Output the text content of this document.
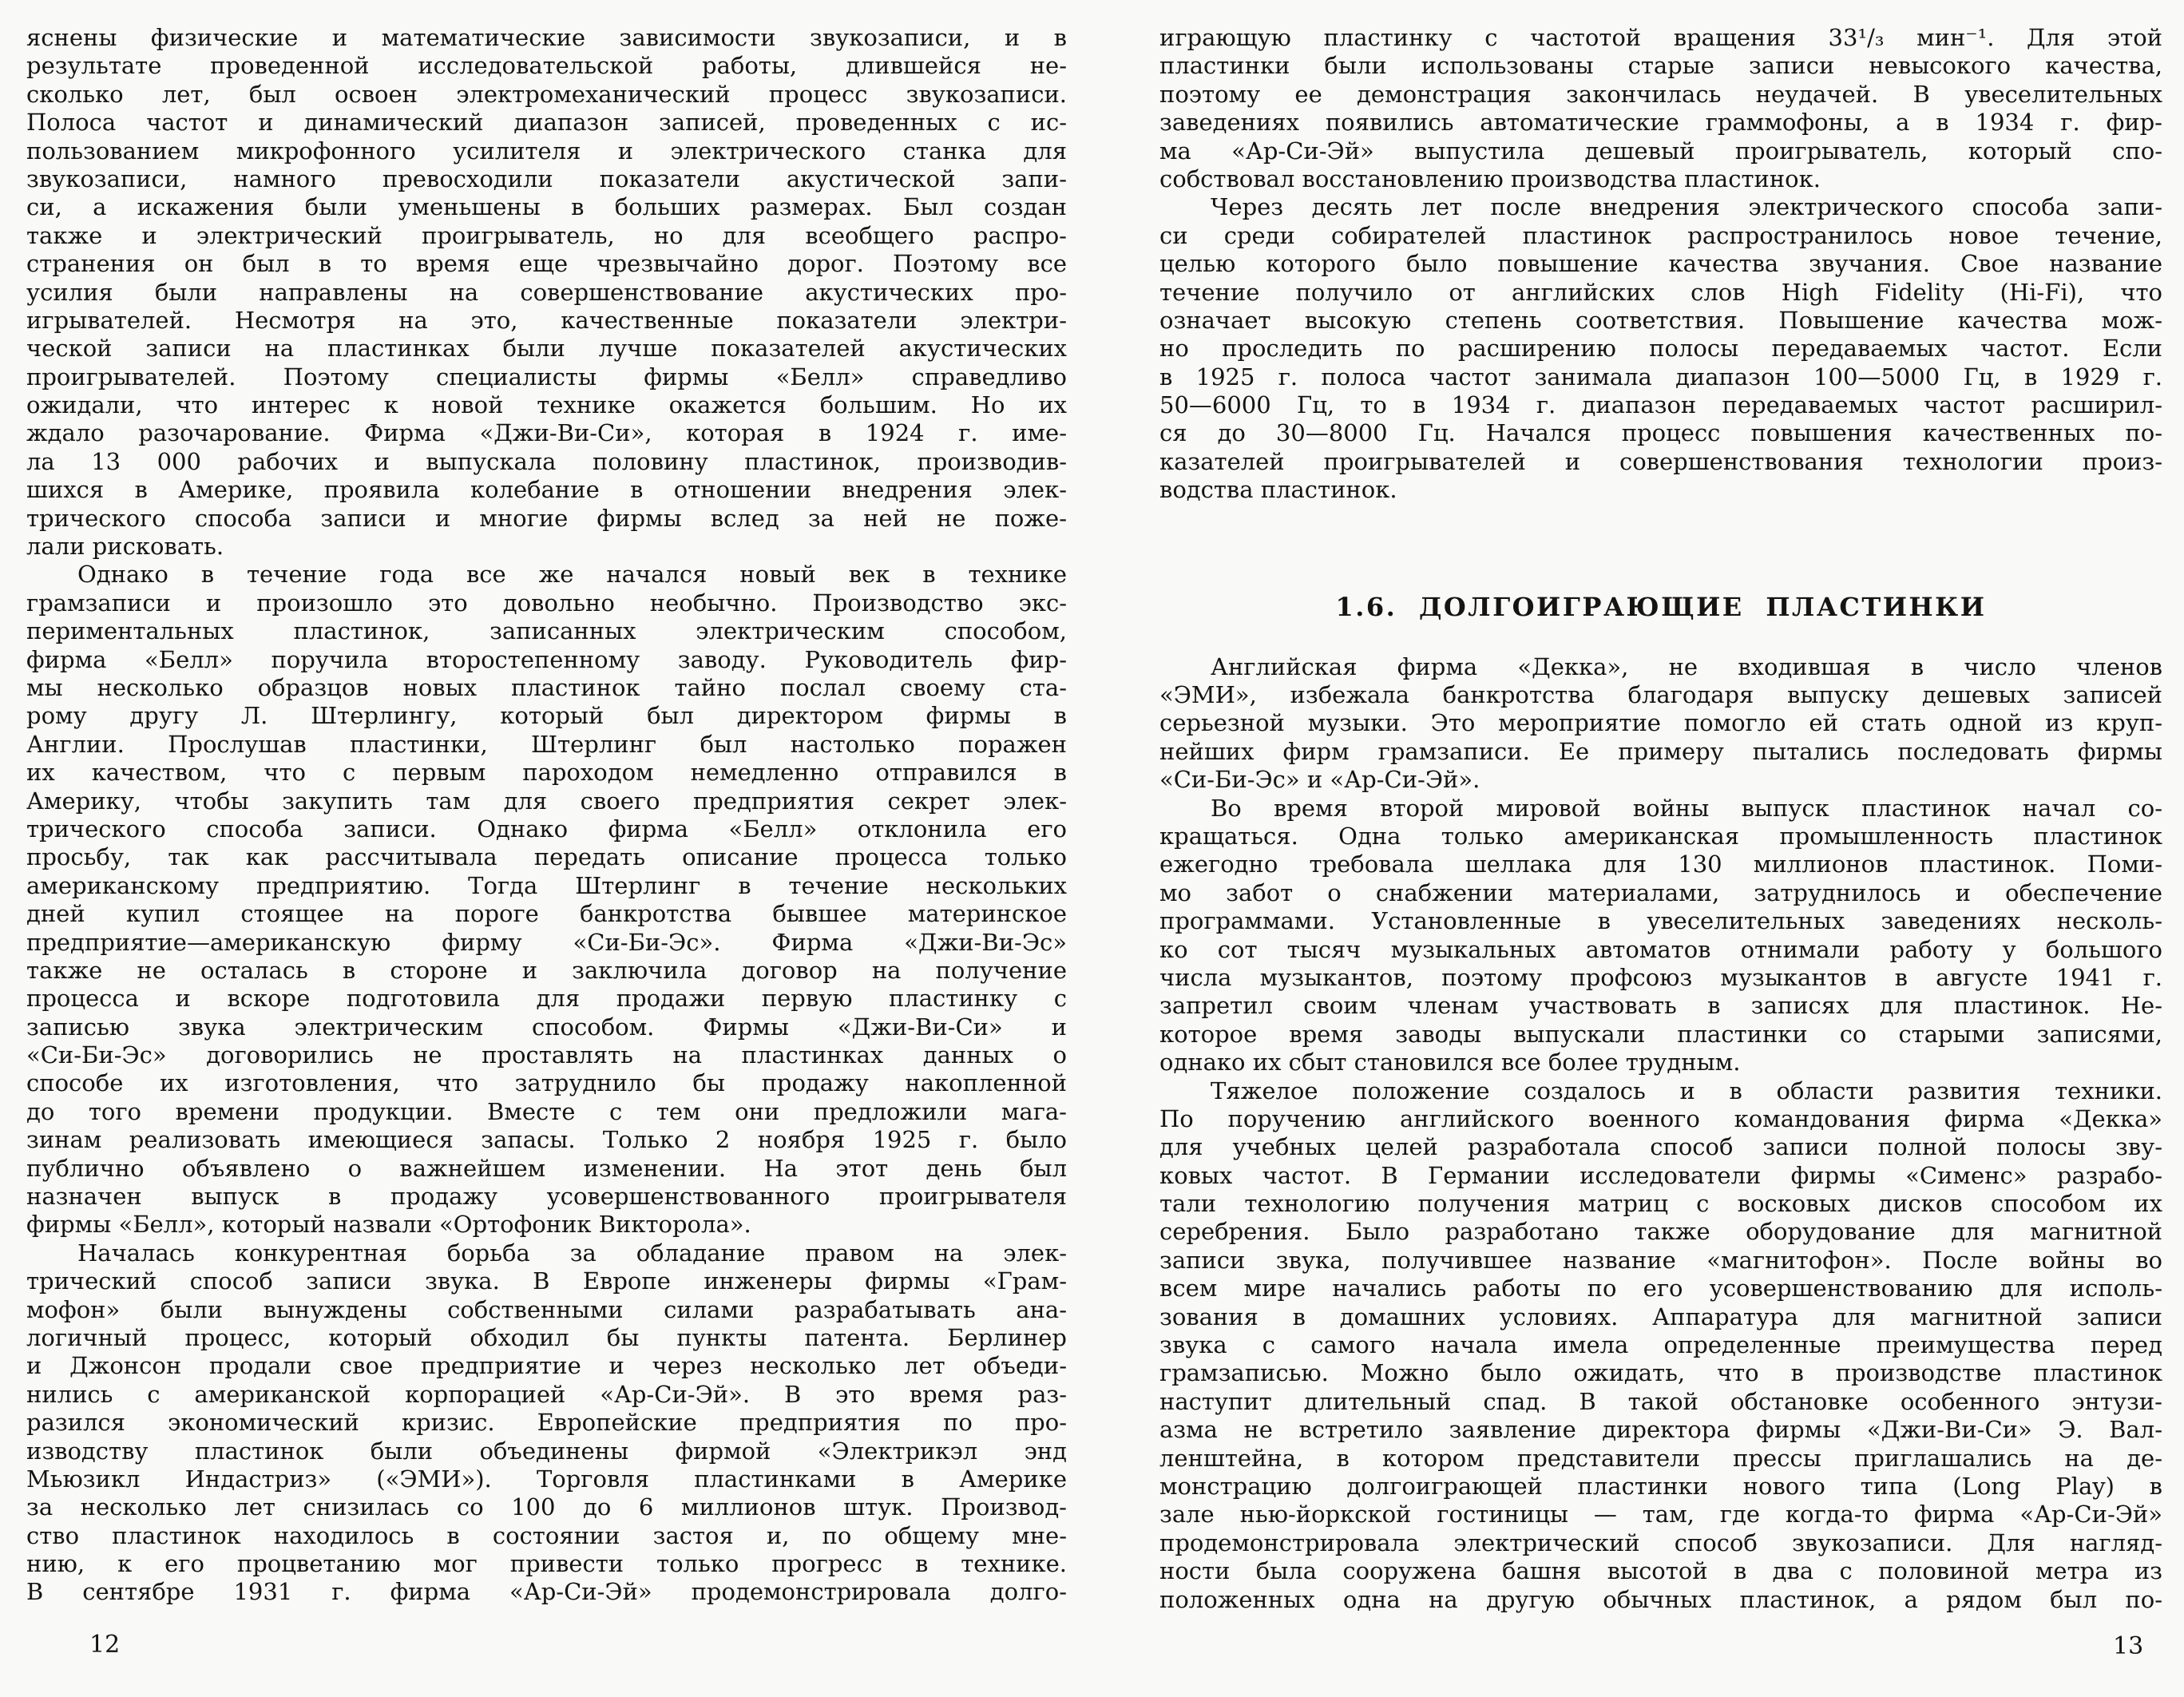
яснены физические и математические зависимости звукозаписи, и в
результате проведенной исследовательской работы, длившейся не-
сколько лет, был освоен электромеханический процесс звукозаписи.
Полоса частот и динамический диапазон записей, проведенных с ис-
пользованием микрофонного усилителя и электрического станка для
звукозаписи, намного превосходили показатели акустической запи-
си, а искажения были уменьшены в больших размерах. Был создан
также и электрический проигрыватель, но для всеобщего распро-
странения он был в то время еще чрезвычайно дорог. Поэтому все
усилия были направлены на совершенствование акустических про-
игрывателей. Несмотря на это, качественные показатели электри-
ческой записи на пластинках были лучше показателей акустических
проигрывателей. Поэтому специалисты фирмы «Белл» справедливо
ожидали, что интерес к новой технике окажется большим. Но их
ждало разочарование. Фирма «Джи-Ви-Си», которая в 1924 г. име-
ла 13 000 рабочих и выпускала половину пластинок, производив-
шихся в Америке, проявила колебание в отношении внедрения элек-
трического способа записи и многие фирмы вслед за ней не поже-
лали рисковать.
Однако в течение года все же начался новый век в технике
грамзаписи и произошло это довольно необычно. Производство экс-
периментальных пластинок, записанных электрическим способом,
фирма «Белл» поручила второстепенному заводу. Руководитель фир-
мы несколько образцов новых пластинок тайно послал своему ста-
рому другу Л. Штерлингу, который был директором фирмы в
Англии. Прослушав пластинки, Штерлинг был настолько поражен
их качеством, что с первым пароходом немедленно отправился в
Америку, чтобы закупить там для своего предприятия секрет элек-
трического способа записи. Однако фирма «Белл» отклонила его
просьбу, так как рассчитывала передать описание процесса только
американскому предприятию. Тогда Штерлинг в течение нескольких
дней купил стоящее на пороге банкротства бывшее материнское
предприятие—американскую фирму «Си-Би-Эс». Фирма «Джи-Ви-Эс»
также не осталась в стороне и заключила договор на получение
процесса и вскоре подготовила для продажи первую пластинку с
записью звука электрическим способом. Фирмы «Джи-Ви-Си» и
«Си-Би-Эс» договорились не проставлять на пластинках данных о
способе их изготовления, что затруднило бы продажу накопленной
до того времени продукции. Вместе с тем они предложили мага-
зинам реализовать имеющиеся запасы. Только 2 ноября 1925 г. было
публично объявлено о важнейшем изменении. На этот день был
назначен выпуск в продажу усовершенствованного проигрывателя
фирмы «Белл», который назвали «Ортофоник Викторола».
Началась конкурентная борьба за обладание правом на элек-
трический способ записи звука. В Европе инженеры фирмы «Грам-
мофон» были вынуждены собственными силами разрабатывать ана-
логичный процесс, который обходил бы пункты патента. Берлинер
и Джонсон продали свое предприятие и через несколько лет объеди-
нились с американской корпорацией «Ар-Си-Эй». В это время раз-
разился экономический кризис. Европейские предприятия по про-
изводству пластинок были объединены фирмой «Электрикэл энд
Мьюзикл Индастриз» («ЭМИ»). Торговля пластинками в Америке
за несколько лет снизилась со 100 до 6 миллионов штук. Производ-
ство пластинок находилось в состоянии застоя и, по общему мне-
нию, к его процветанию мог привести только прогресс в технике.
В сентябре 1931 г. фирма «Ар-Си-Эй» продемонстрировала долго-
12
играющую пластинку с частотой вращения 33¹/₃ мин⁻¹. Для этой
пластинки были использованы старые записи невысокого качества,
поэтому ее демонстрация закончилась неудачей. В увеселительных
заведениях появились автоматические граммофоны, а в 1934 г. фир-
ма «Ар-Си-Эй» выпустила дешевый проигрыватель, который спо-
собствовал восстановлению производства пластинок.
Через десять лет после внедрения электрического способа запи-
си среди собирателей пластинок распространилось новое течение,
целью которого было повышение качества звучания. Свое название
течение получило от английских слов High Fidelity (Hi-Fi), что
означает высокую степень соответствия. Повышение качества мож-
но проследить по расширению полосы передаваемых частот. Если
в 1925 г. полоса частот занимала диапазон 100—5000 Гц, в 1929 г.
50—6000 Гц, то в 1934 г. диапазон передаваемых частот расширил-
ся до 30—8000 Гц. Начался процесс повышения качественных по-
казателей проигрывателей и совершенствования технологии произ-
водства пластинок.
1.6. ДОЛГОИГРАЮЩИЕ ПЛАСТИНКИ
Английская фирма «Декка», не входившая в число членов
«ЭМИ», избежала банкротства благодаря выпуску дешевых записей
серьезной музыки. Это мероприятие помогло ей стать одной из круп-
нейших фирм грамзаписи. Ее примеру пытались последовать фирмы
«Си-Би-Эс» и «Ар-Си-Эй».
Во время второй мировой войны выпуск пластинок начал со-
кращаться. Одна только американская промышленность пластинок
ежегодно требовала шеллака для 130 миллионов пластинок. Поми-
мо забот о снабжении материалами, затруднилось и обеспечение
программами. Установленные в увеселительных заведениях несколь-
ко сот тысяч музыкальных автоматов отнимали работу у большого
числа музыкантов, поэтому профсоюз музыкантов в августе 1941 г.
запретил своим членам участвовать в записях для пластинок. Не-
которое время заводы выпускали пластинки со старыми записями,
однако их сбыт становился все более трудным.
Тяжелое положение создалось и в области развития техники.
По поручению английского военного командования фирма «Декка»
для учебных целей разработала способ записи полной полосы зву-
ковых частот. В Германии исследователи фирмы «Сименс» разрабо-
тали технологию получения матриц с восковых дисков способом их
серебрения. Было разработано также оборудование для магнитной
записи звука, получившее название «магнитофон». После войны во
всем мире начались работы по его усовершенствованию для исполь-
зования в домашних условиях. Аппаратура для магнитной записи
звука с самого начала имела определенные преимущества перед
грамзаписью. Можно было ожидать, что в производстве пластинок
наступит длительный спад. В такой обстановке особенного энтузи-
азма не встретило заявление директора фирмы «Джи-Ви-Си» Э. Вал-
ленштейна, в котором представители прессы приглашались на де-
монстрацию долгоиграющей пластинки нового типа (Long Play) в
зале нью-йоркской гостиницы — там, где когда-то фирма «Ар-Си-Эй»
продемонстрировала электрический способ звукозаписи. Для нагляд-
ности была сооружена башня высотой в два с половиной метра из
положенных одна на другую обычных пластинок, а рядом был по-
13
